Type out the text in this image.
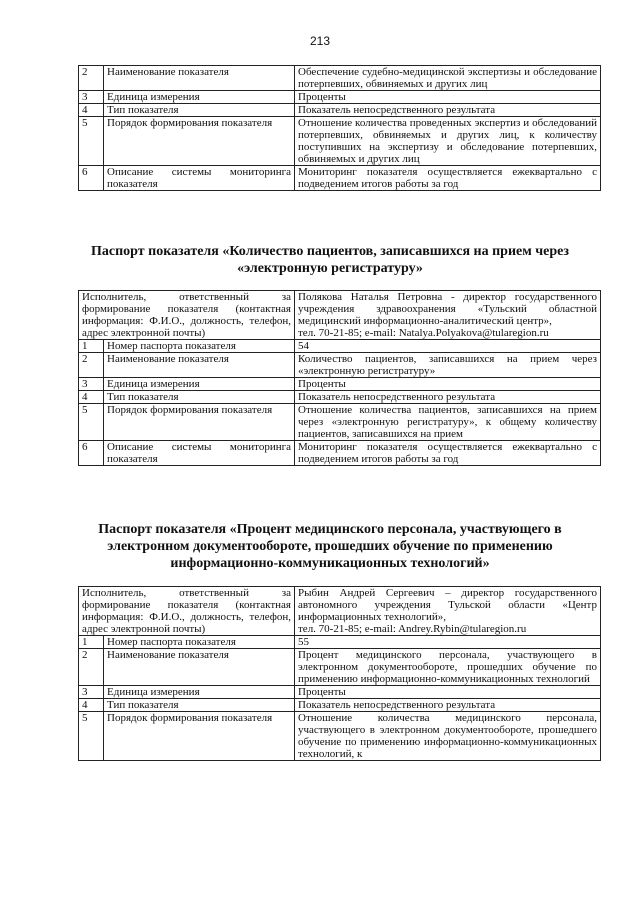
213
2	Наименование показателя	Обеспечение судебно-медицинской экспертизы и обследование потерпевших, обвиняемых и других лиц
3	Единица измерения	Проценты
4	Тип показателя	Показатель непосредственного результата
5	Порядок формирования показателя	Отношение количества проведенных экспертиз и обследований потерпевших, обвиняемых и других лиц, к количеству поступивших на экспертизу и обследование потерпевших, обвиняемых и других лиц
6	Описание системы мониторинга показателя	Мониторинг показателя осуществляется ежеквартально с подведением итогов работы за год
Паспорт показателя «Количество пациентов, записавшихся на прием через «электронную регистратуру»
Исполнитель, ответственный за формирование показателя (контактная информация: Ф.И.О., должность, телефон, адрес электронной почты)		Полякова Наталья Петровна - директор государственного учреждения здравоохранения «Тульский областной медицинский информационно-аналитический центр»,
тел. 70-21-85; e-mail: Natalya.Polyakova@tularegion.ru

1	Номер паспорта показателя	54
2	Наименование показателя	Количество пациентов, записавшихся на прием через «электронную регистратуру»
3	Единица измерения	Проценты
4	Тип показателя	Показатель непосредственного результата
5	Порядок формирования показателя	Отношение количества пациентов, записавшихся на прием через «электронную регистратуру», к общему количеству пациентов, записавшихся на прием
6	Описание системы мониторинга показателя	Мониторинг показателя осуществляется ежеквартально с подведением итогов работы за год
Паспорт показателя «Процент медицинского персонала, участвующего в электронном документообороте, прошедших обучение по применению информационно-коммуникационных технологий»
Исполнитель, ответственный за формирование показателя (контактная информация: Ф.И.О., должность, телефон, адрес электронной почты)		Рыбин Андрей Сергеевич – директор государственного автономного учреждения Тульской области «Центр информационных технологий»,
тел. 70-21-85; e-mail: Andrey.Rybin@tularegion.ru

1	Номер паспорта показателя	55
2	Наименование показателя	Процент медицинского персонала, участвующего в электронном документообороте, прошедших обучение по применению информационно-коммуникационных технологий
3	Единица измерения	Проценты
4	Тип показателя	Показатель непосредственного результата
5	Порядок формирования показателя	Отношение количества медицинского персонала, участвующего в электронном документообороте, прошедшего обучение по применению информационно-коммуникационных технологий, к
